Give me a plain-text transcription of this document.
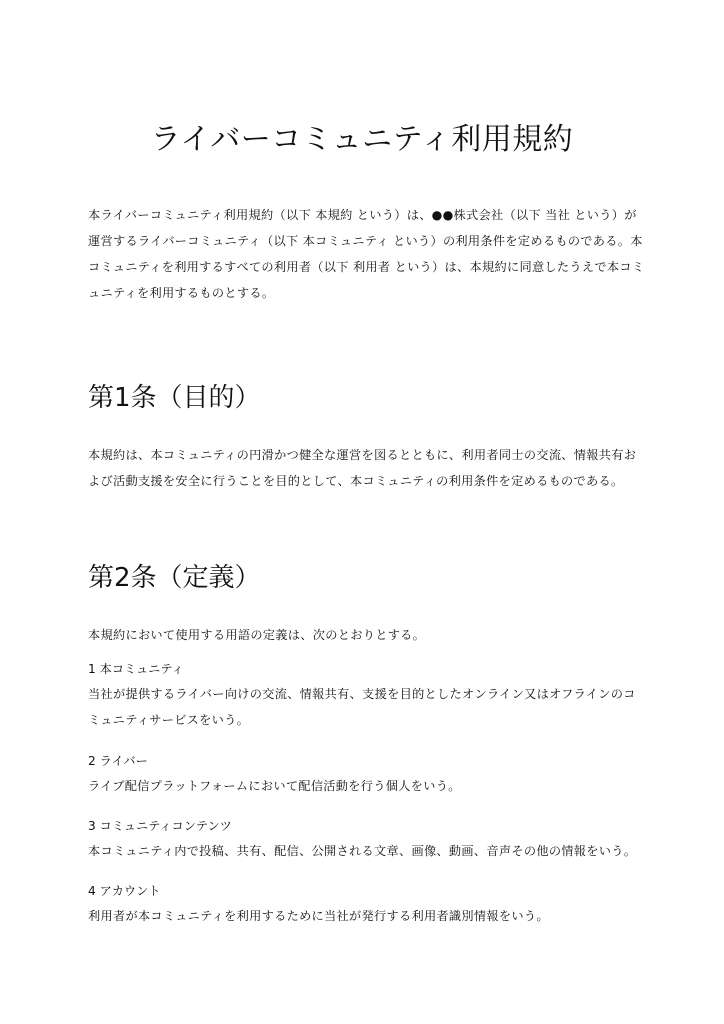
ライバーコミュニティ利用規約
本ライバーコミュニティ利用規約（以下 本規約 という）は、●●株式会社（以下 当社 という）が運営するライバーコミュニティ（以下 本コミュニティ という）の利用条件を定めるものである。本コミュニティを利用するすべての利用者（以下 利用者 という）は、本規約に同意したうえで本コミュニティを利用するものとする。
第1条（目的）
本規約は、本コミュニティの円滑かつ健全な運営を図るとともに、利用者同士の交流、情報共有および活動支援を安全に行うことを目的として、本コミュニティの利用条件を定めるものである。
第2条（定義）
本規約において使用する用語の定義は、次のとおりとする。
1 本コミュニティ
当社が提供するライバー向けの交流、情報共有、支援を目的としたオンライン又はオフラインのコミュニティサービスをいう。
2 ライバー
ライブ配信プラットフォームにおいて配信活動を行う個人をいう。
3 コミュニティコンテンツ
本コミュニティ内で投稿、共有、配信、公開される文章、画像、動画、音声その他の情報をいう。
4 アカウント
利用者が本コミュニティを利用するために当社が発行する利用者識別情報をいう。
